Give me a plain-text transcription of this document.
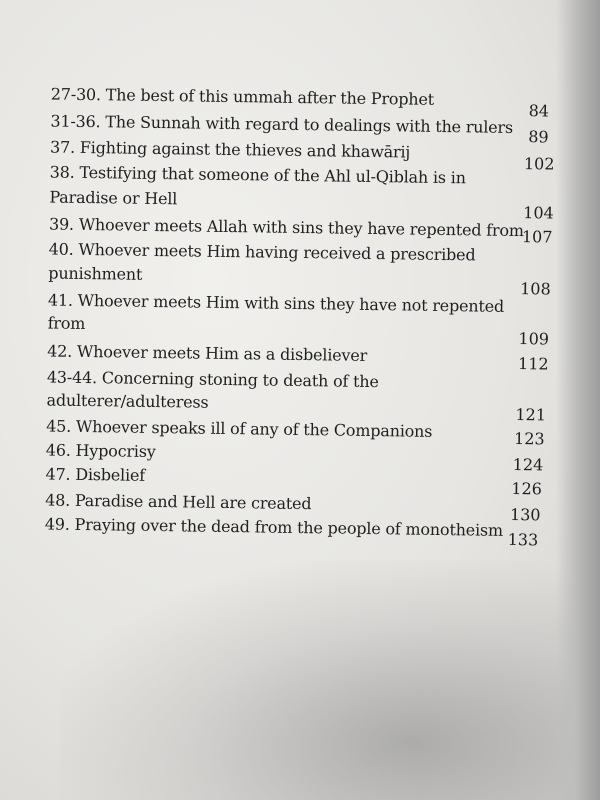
27-30. The best of this ummah after the Prophet
84
31-36. The Sunnah with regard to dealings with the rulers 89
37. Fighting against the thieves and khawārij
102
38. Testifying that someone of the Ahl ul-Qiblah is in
Paradise or Hell
104
39. Whoever meets Allah with sins they have repented from
107
40. Whoever meets Him having received a prescribed
punishment
108
41. Whoever meets Him with sins they have not repented
from
109
42. Whoever meets Him as a disbeliever	112
43-44. Concerning stoning to death of the
adulterer/adulteress
121
45. Whoever speaks ill of any of the Companions	123
46. Hypocrisy
124
47. Disbelief
126
48. Paradise and Hell are created
130
49. Praying over the dead from the people of monotheism 133
